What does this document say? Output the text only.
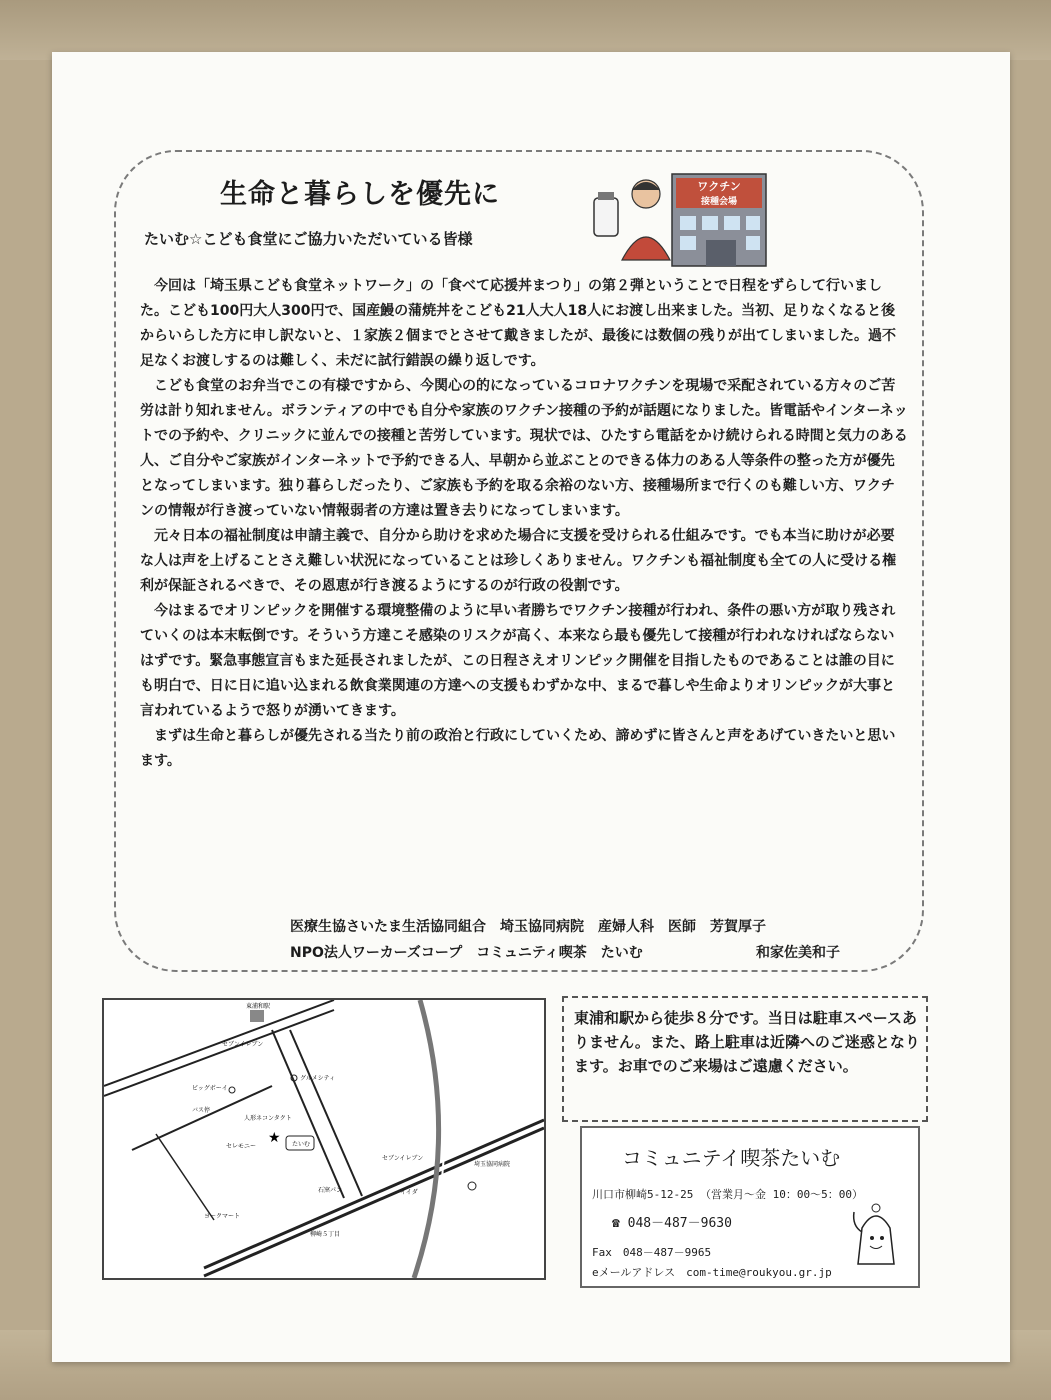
生命と暮らしを優先に
たいむ☆こども食堂にご協力いただいている皆様
ワクチン
接種会場

今回は「埼玉県こども食堂ネットワーク」の「食べて応援丼まつり」の第２弾ということで日程をずらして行いました。こども100円大人300円で、国産鰻の蒲焼丼をこども21人大人18人にお渡し出来ました。当初、足りなくなると後からいらした方に申し訳ないと、１家族２個までとさせて戴きましたが、最後には数個の残りが出てしまいました。過不足なくお渡しするのは難しく、未だに試行錯誤の繰り返しです。

こども食堂のお弁当でこの有様ですから、今関心の的になっているコロナワクチンを現場で采配されている方々のご苦労は計り知れません。ボランティアの中でも自分や家族のワクチン接種の予約が話題になりました。皆電話やインターネットでの予約や、クリニックに並んでの接種と苦労しています。現状では、ひたすら電話をかけ続けられる時間と気力のある人、ご自分やご家族がインターネットで予約できる人、早朝から並ぶことのできる体力のある人等条件の整った方が優先となってしまいます。独り暮らしだったり、ご家族も予約を取る余裕のない方、接種場所まで行くのも難しい方、ワクチンの情報が行き渡っていない情報弱者の方達は置き去りになってしまいます。

元々日本の福祉制度は申請主義で、自分から助けを求めた場合に支援を受けられる仕組みです。でも本当に助けが必要な人は声を上げることさえ難しい状況になっていることは珍しくありません。ワクチンも福祉制度も全ての人に受ける権利が保証されるべきで、その恩恵が行き渡るようにするのが行政の役割です。

今はまるでオリンピックを開催する環境整備のように早い者勝ちでワクチン接種が行われ、条件の悪い方が取り残されていくのは本末転倒です。そういう方達こそ感染のリスクが高く、本来なら最も優先して接種が行われなければならないはずです。緊急事態宣言もまた延長されましたが、この日程さえオリンピック開催を目指したものであることは誰の目にも明白で、日に日に追い込まれる飲食業関連の方達への支援もわずかな中、まるで暮しや生命よりオリンピックが大事と言われているようで怒りが湧いてきます。

まずは生命と暮らしが優先される当たり前の政治と行政にしていくため、諦めずに皆さんと声をあげていきたいと思います。

医療生協さいたま生活協同組合　埼玉協同病院　産婦人科　医師　芳賀厚子
NPO法人ワーカーズコープ　コミュニティ喫茶　たいむ	和家佐美和子
東浦和駅
セブンイレブン
グルメシティ
ビッグボーイ
バス停
人形ネコンタクト
セレモニー
★ たいむ
セブンイレブン
埼玉協同病院
石窯パン	イイダ
ヨークマート
柳崎５丁目
東浦和駅から徒歩８分です。当日は駐車スペースありません。また、路上駐車は近隣へのご迷惑となります。お車でのご来場はご遠慮ください。
コミュニテイ喫茶たいむ
川口市柳崎5-12-25 （営業月～金 10：00～5：00）
☎ 048－487－9630
Fax　048－487－9965
eメールアドレス　com-time@roukyou.gr.jp
